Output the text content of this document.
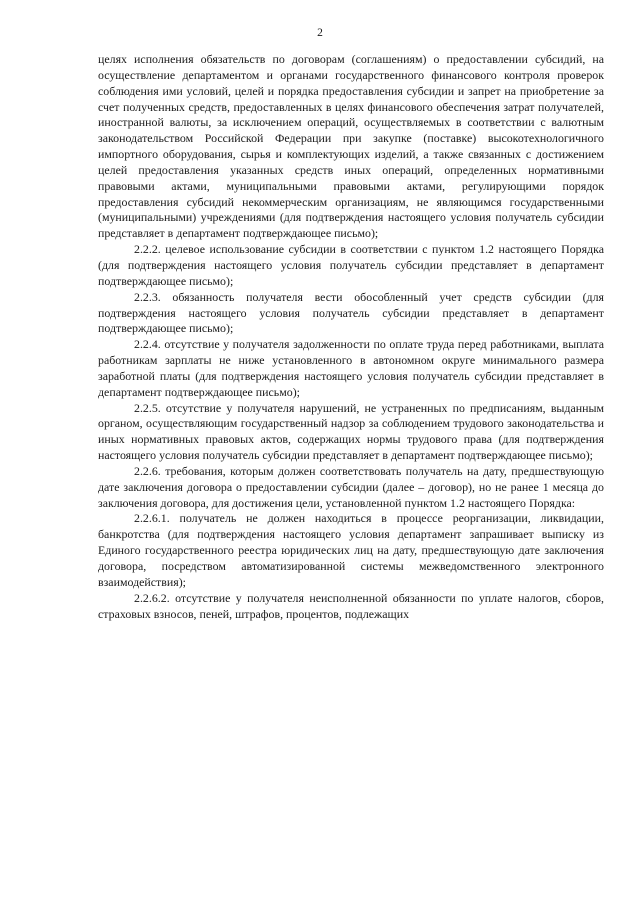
2

целях исполнения обязательств по договорам (соглашениям) о предоставлении субсидий, на осуществление департаментом и органами государственного финансового контроля проверок соблюдения ими условий, целей и порядка предоставления субсидии и запрет на приобретение за счет полученных средств, предоставленных в целях финансового обеспечения затрат получателей, иностранной валюты, за исключением операций, осуществляемых в соответствии с валютным законодательством Российской Федерации при закупке (поставке) высокотехнологичного импортного оборудования, сырья и комплектующих изделий, а также связанных с достижением целей предоставления указанных средств иных операций, определенных нормативными правовыми актами, муниципальными правовыми актами, регулирующими порядок предоставления субсидий некоммерческим организациям, не являющимся государственными (муниципальными) учреждениями (для подтверждения настоящего условия получатель субсидии представляет в департамент подтверждающее письмо);

2.2.2. целевое использование субсидии в соответствии с пунктом 1.2 настоящего Порядка (для подтверждения настоящего условия получатель субсидии представляет в департамент подтверждающее письмо);

2.2.3. обязанность получателя вести обособленный учет средств субсидии (для подтверждения настоящего условия получатель субсидии представляет в департамент подтверждающее письмо);

2.2.4. отсутствие у получателя задолженности по оплате труда перед работниками, выплата работникам зарплаты не ниже установленного в автономном округе минимального размера заработной платы (для подтверждения настоящего условия получатель субсидии представляет в департамент подтверждающее письмо);

2.2.5. отсутствие у получателя нарушений, не устраненных по предписаниям, выданным органом, осуществляющим государственный надзор за соблюдением трудового законодательства и иных нормативных правовых актов, содержащих нормы трудового права (для подтверждения настоящего условия получатель субсидии представляет в департамент подтверждающее письмо);

2.2.6. требования, которым должен соответствовать получатель на дату, предшествующую дате заключения договора о предоставлении субсидии (далее – договор), но не ранее 1 месяца до заключения договора, для достижения цели, установленной пунктом 1.2 настоящего Порядка:

2.2.6.1. получатель не должен находиться в процессе реорганизации, ликвидации, банкротства (для подтверждения настоящего условия департамент запрашивает выписку из Единого государственного реестра юридических лиц на дату, предшествующую дате заключения договора, посредством автоматизированной системы межведомственного электронного взаимодействия);

2.2.6.2. отсутствие у получателя неисполненной обязанности по уплате налогов, сборов, страховых взносов, пеней, штрафов, процентов, подлежащих
